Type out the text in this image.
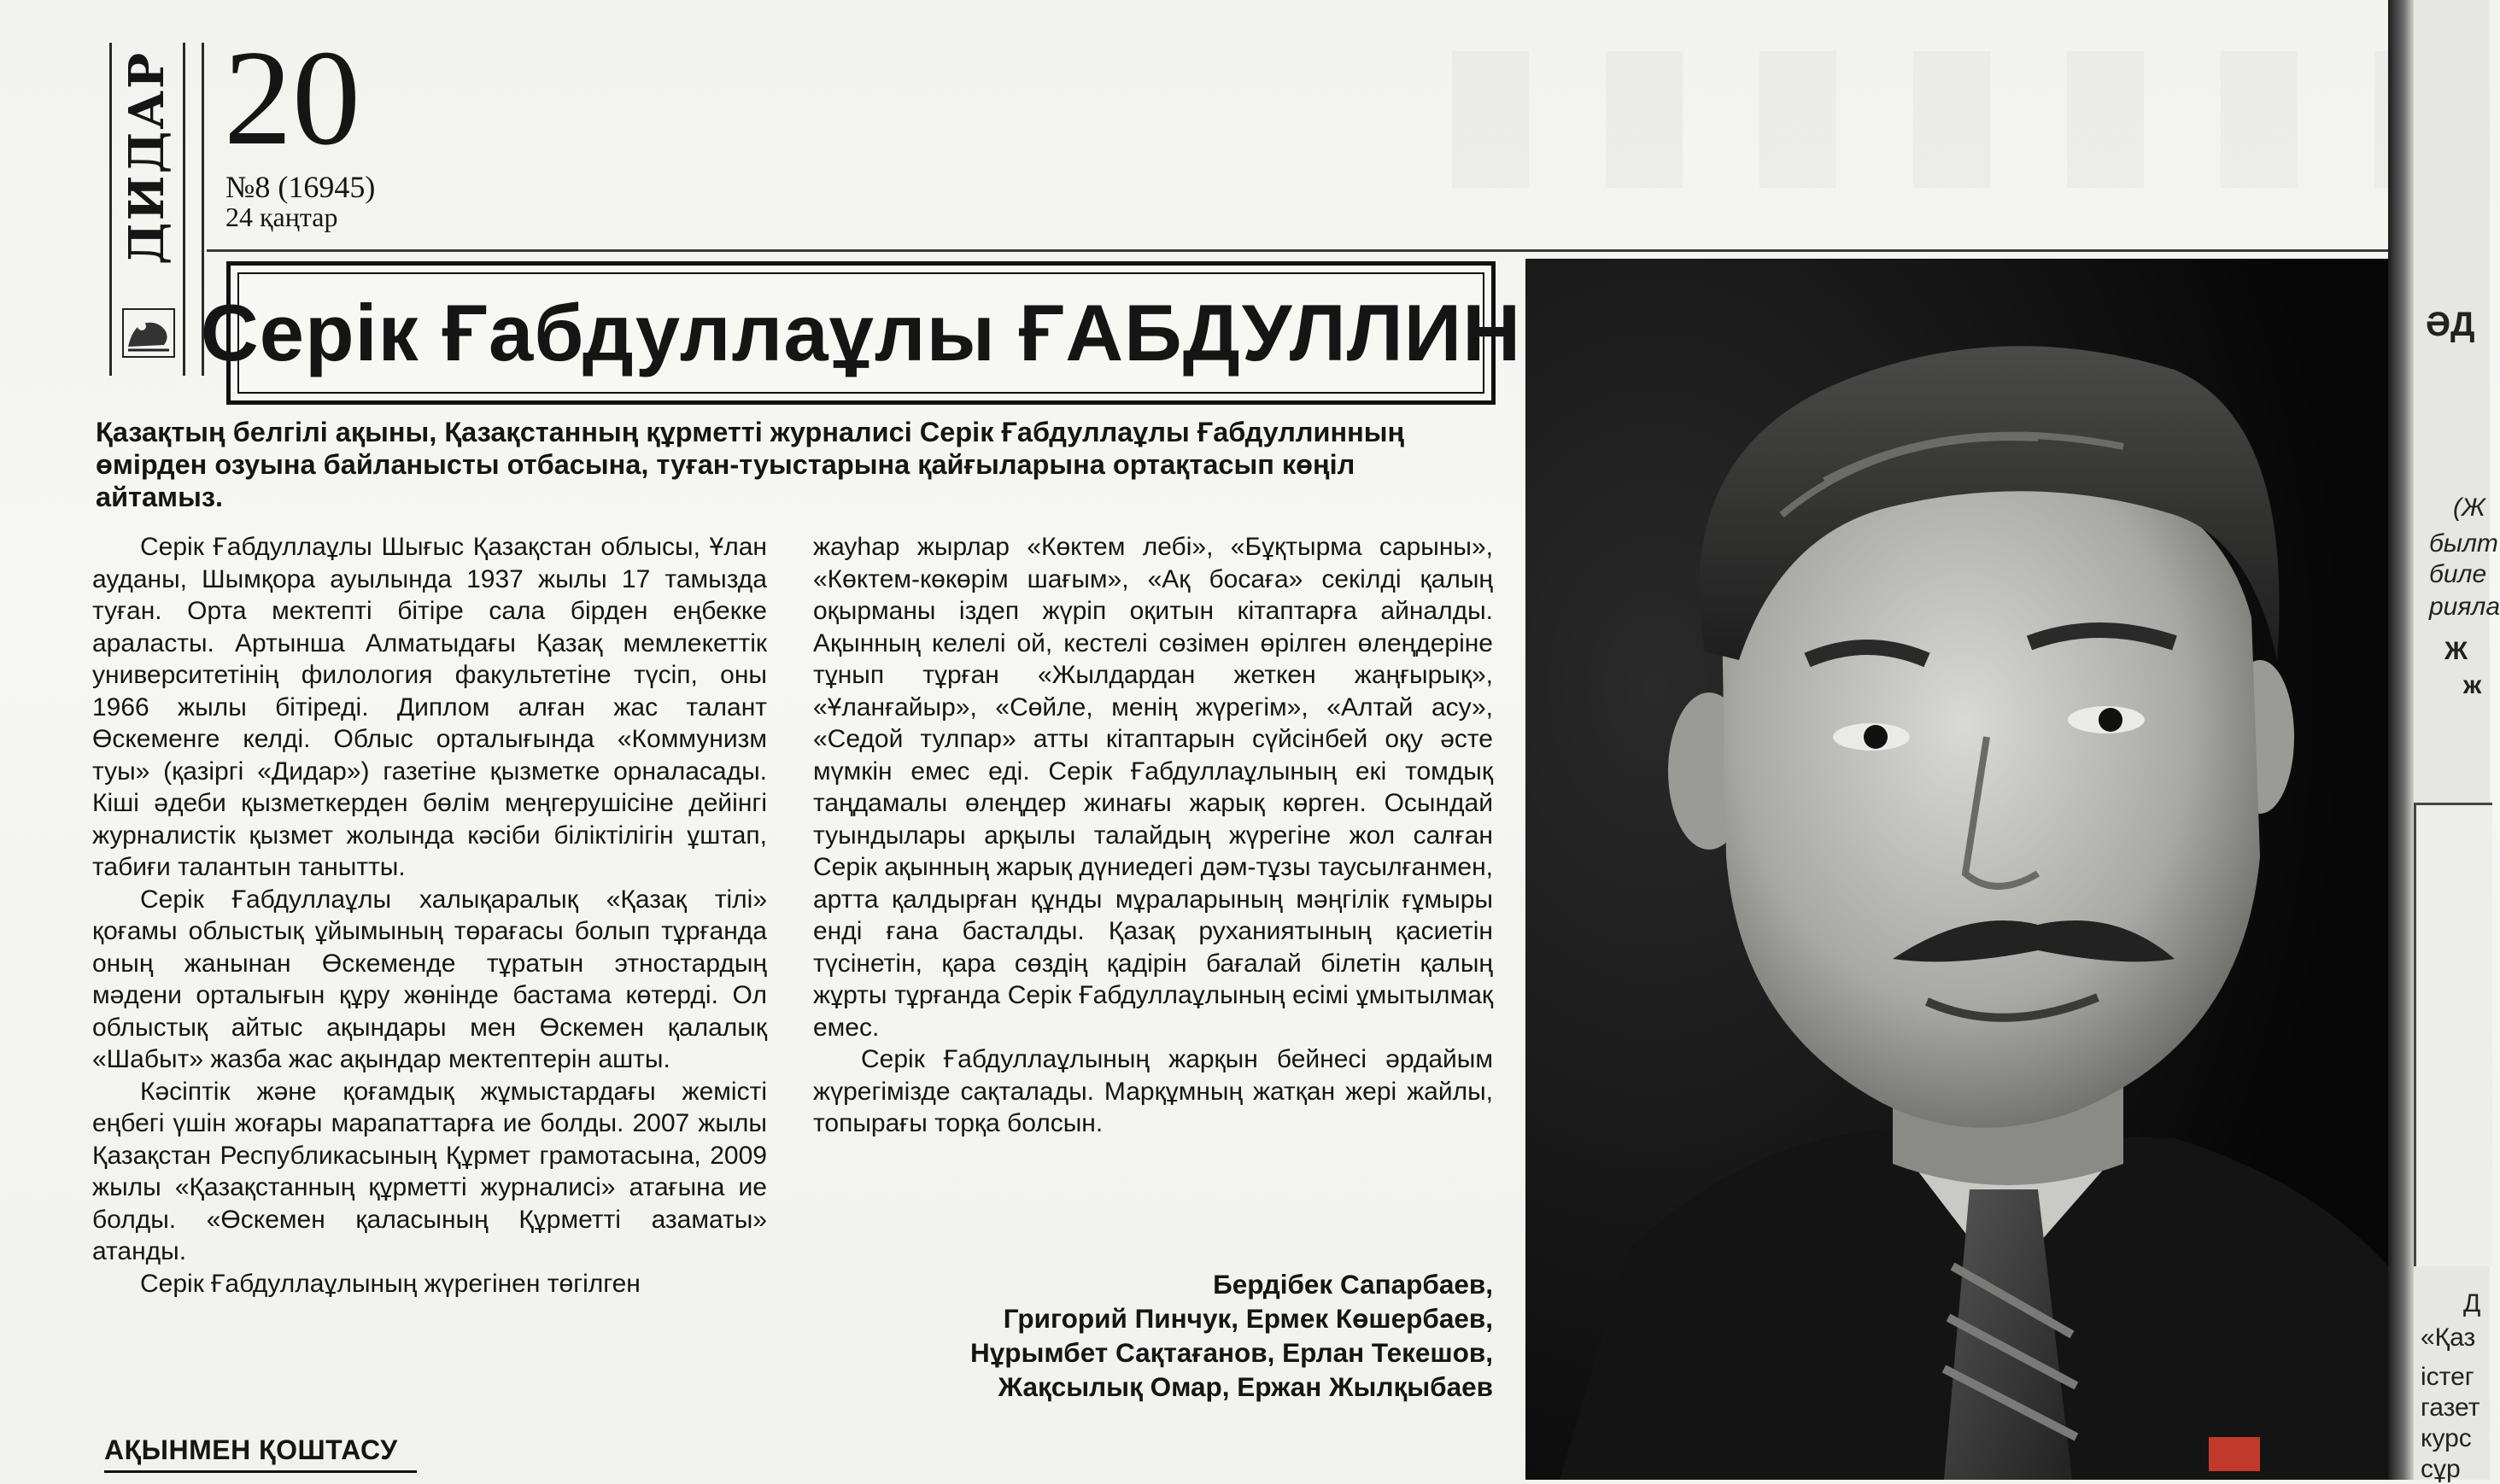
ДИДАР 20
№8 (16945)
24 қаңтар
Серік Ғабдуллаұлы ҒАБДУЛЛИН
Қазақтың белгілі ақыны, Қазақстанның құрметті журналисі Серік Ғабдуллаұлы Ғабдуллинның өмірден озуына байланысты отбасына, туған-туыстарына қайғыларына ортақтасып көңіл айтамыз.

Серік Ғабдуллаұлы Шығыс Қазақстан облысы, Ұлан ауданы, Шымқора ауылында 1937 жылы 17 тамызда туған. Орта мектепті бітіре сала бірден еңбекке араласты. Артынша Алматыдағы Қазақ мемлекеттік университетінің филология факультетіне түсіп, оны 1966 жылы бітіреді. Диплом алған жас талант Өскеменге келді. Облыс орталығында «Коммунизм туы» (қазіргі «Дидар») газетіне қызметке орналасады. Кіші әдеби қызметкерден бөлім меңгерушісіне дейінгі журналистік қызмет жолында кәсіби біліктілігін ұштап, табиғи талантын танытты.

Серік Ғабдуллаұлы халықаралық «Қазақ тілі» қоғамы облыстық ұйымының төрағасы болып тұрғанда оның жанынан Өскеменде тұратын этностардың мәдени орталығын құру жөнінде бастама көтерді. Ол облыстық айтыс ақындары мен Өскемен қалалық «Шабыт» жазба жас ақындар мектептерін ашты.

Кәсіптік және қоғамдық жұмыстардағы жемісті еңбегі үшін жоғары марапаттарға ие болды. 2007 жылы Қазақстан Республикасының Құрмет грамотасына, 2009 жылы «Қазақстанның құрметті журналисі» атағына ие болды. «Өскемен қаласының Құрметті азаматы» атанды.

Серік Ғабдуллаұлының жүрегінен төгілген

жауһар жырлар «Көктем лебі», «Бұқтырма сарыны», «Көктем-көкөрім шағым», «Ақ босаға» секілді қалың оқырманы іздеп жүріп оқитын кітаптарға айналды. Ақынның келелі ой, кестелі сөзімен өрілген өлеңдеріне тұнып тұрған «Жылдардан жеткен жаңғырық», «Ұланғайыр», «Сөйле, менің жүрегім», «Алтай асу», «Седой тулпар» атты кітаптарын сүйсінбей оқу әсте мүмкін емес еді. Серік Ғабдуллаұлының екі томдық таңдамалы өлеңдер жинағы жарық көрген. Осындай туындылары арқылы талайдың жүрегіне жол салған Серік ақынның жарық дүниедегі дәм-тұзы таусылғанмен, артта қалдырған құнды мұраларының мәңгілік ғұмыры енді ғана басталды. Қазақ руханиятының қасиетін түсінетін, қара сөздің қадірін бағалай білетін қалың жұрты тұрғанда Серік Ғабдуллаұлының есімі ұмытылмақ емес.

Серік Ғабдуллаұлының жарқын бейнесі әрдайым жүрегімізде сақталады. Марқұмның жатқан жері жайлы, топырағы торқа болсын.

Бердібек Сапарбаев,
Григорий Пинчук, Ермек Көшербаев,
Нұрымбет Сақтағанов, Ерлан Текешов,
Жақсылық Омар, Ержан Жылқыбаев
АҚЫНМЕН ҚОШТАСУ
ӘД
(Ж
былт
биле
рияла
Ж
ж
Д
«Қаз
істег
газет
курс
сұр
